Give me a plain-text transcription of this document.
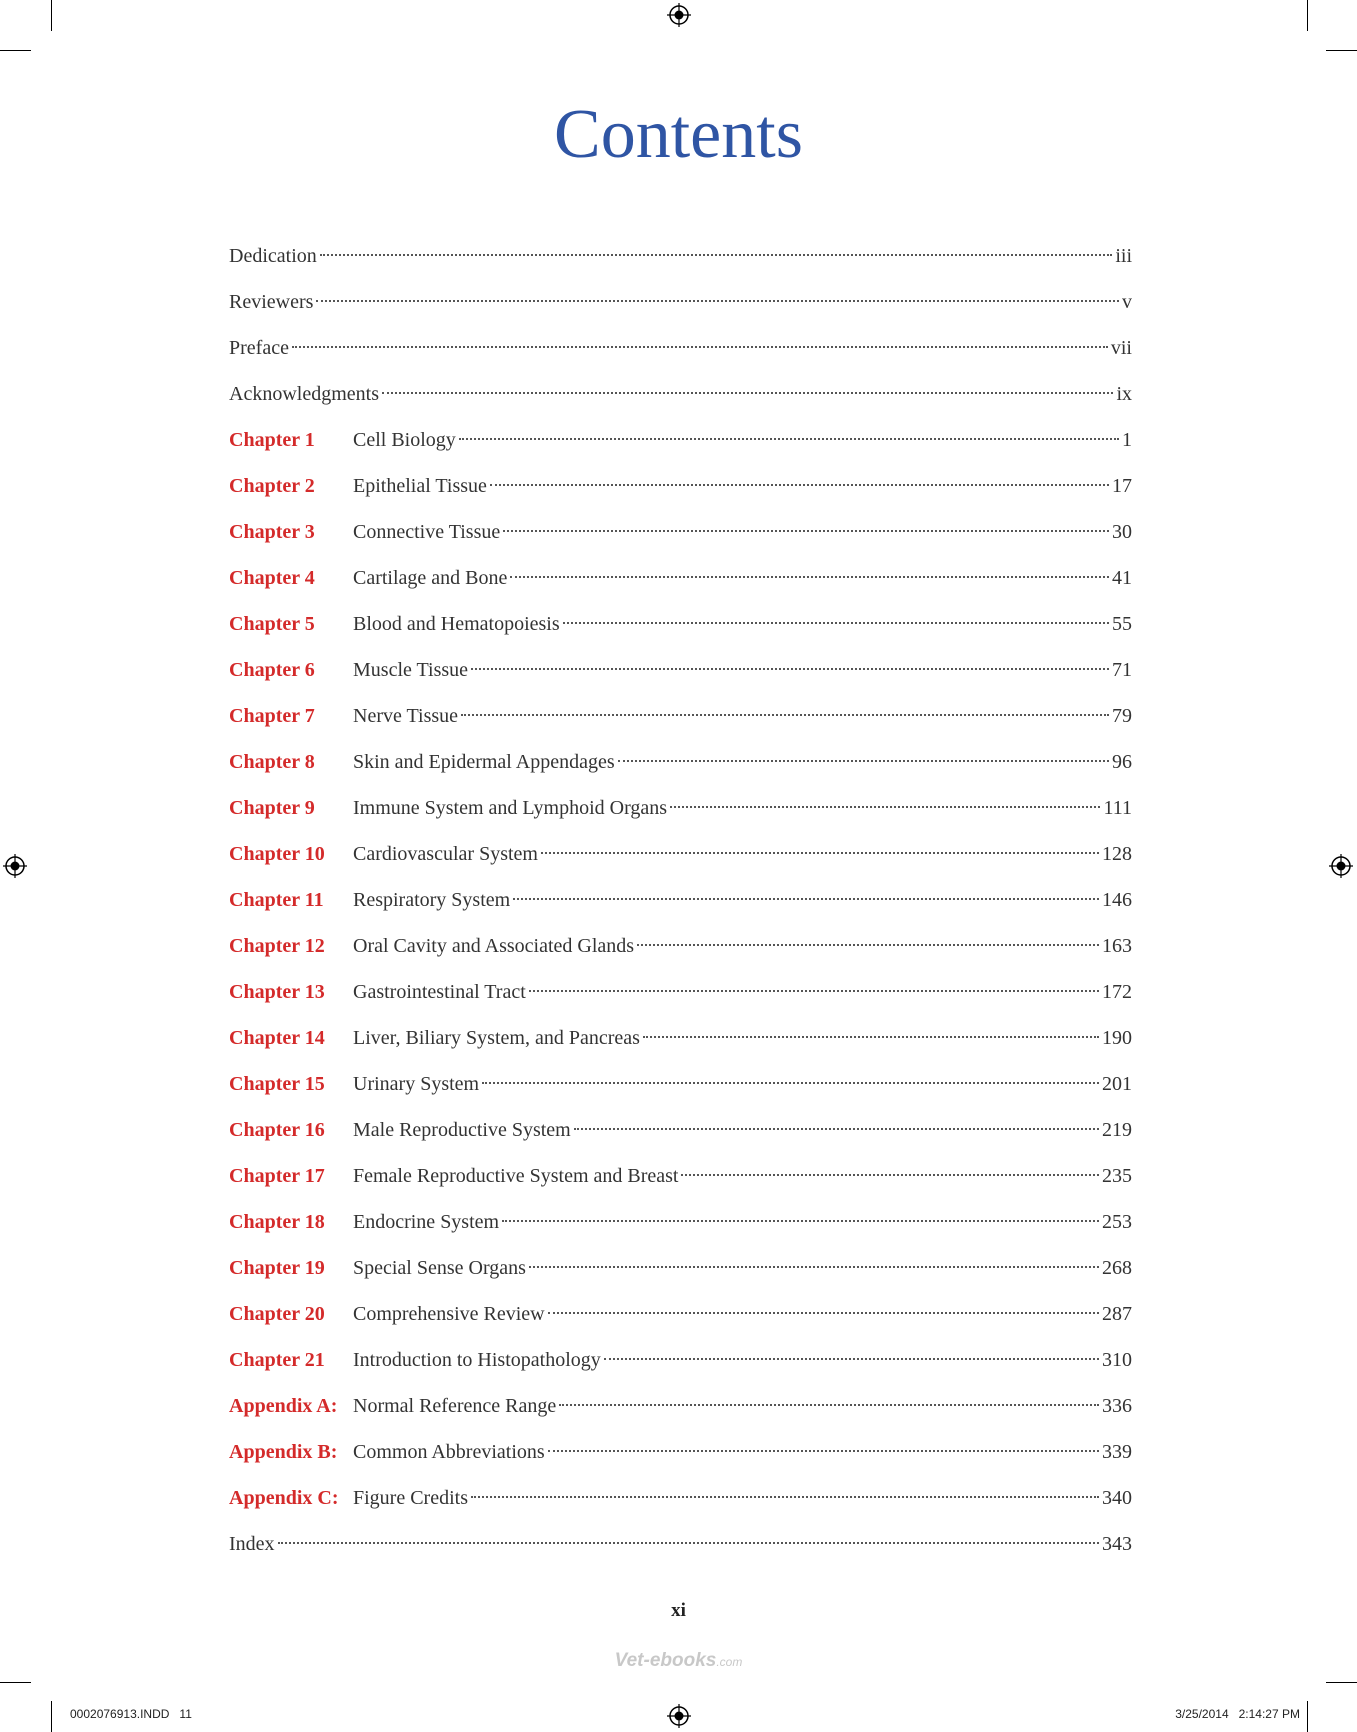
Contents
Dedication	iii
Reviewers	v
Preface	vii
Acknowledgments	ix
Chapter 1	Cell Biology	1
Chapter 2	Epithelial Tissue	17
Chapter 3	Connective Tissue	30
Chapter 4	Cartilage and Bone	41
Chapter 5	Blood and Hematopoiesis	55
Chapter 6	Muscle Tissue	71
Chapter 7	Nerve Tissue	79
Chapter 8	Skin and Epidermal Appendages	96
Chapter 9	Immune System and Lymphoid Organs	111
Chapter 10	Cardiovascular System	128
Chapter 11	Respiratory System	146
Chapter 12	Oral Cavity and Associated Glands	163
Chapter 13	Gastrointestinal Tract	172
Chapter 14	Liver, Biliary System, and Pancreas	190
Chapter 15	Urinary System	201
Chapter 16	Male Reproductive System	219
Chapter 17	Female Reproductive System and Breast	235
Chapter 18	Endocrine System	253
Chapter 19	Special Sense Organs	268
Chapter 20	Comprehensive Review	287
Chapter 21	Introduction to Histopathology	310
Appendix A: Normal Reference Range	336
Appendix B: Common Abbreviations	339
Appendix C: Figure Credits	340
Index	343
xi
Vet-ebooks.com
0002076913.INDD   11	3/25/2014   2:14:27 PM
